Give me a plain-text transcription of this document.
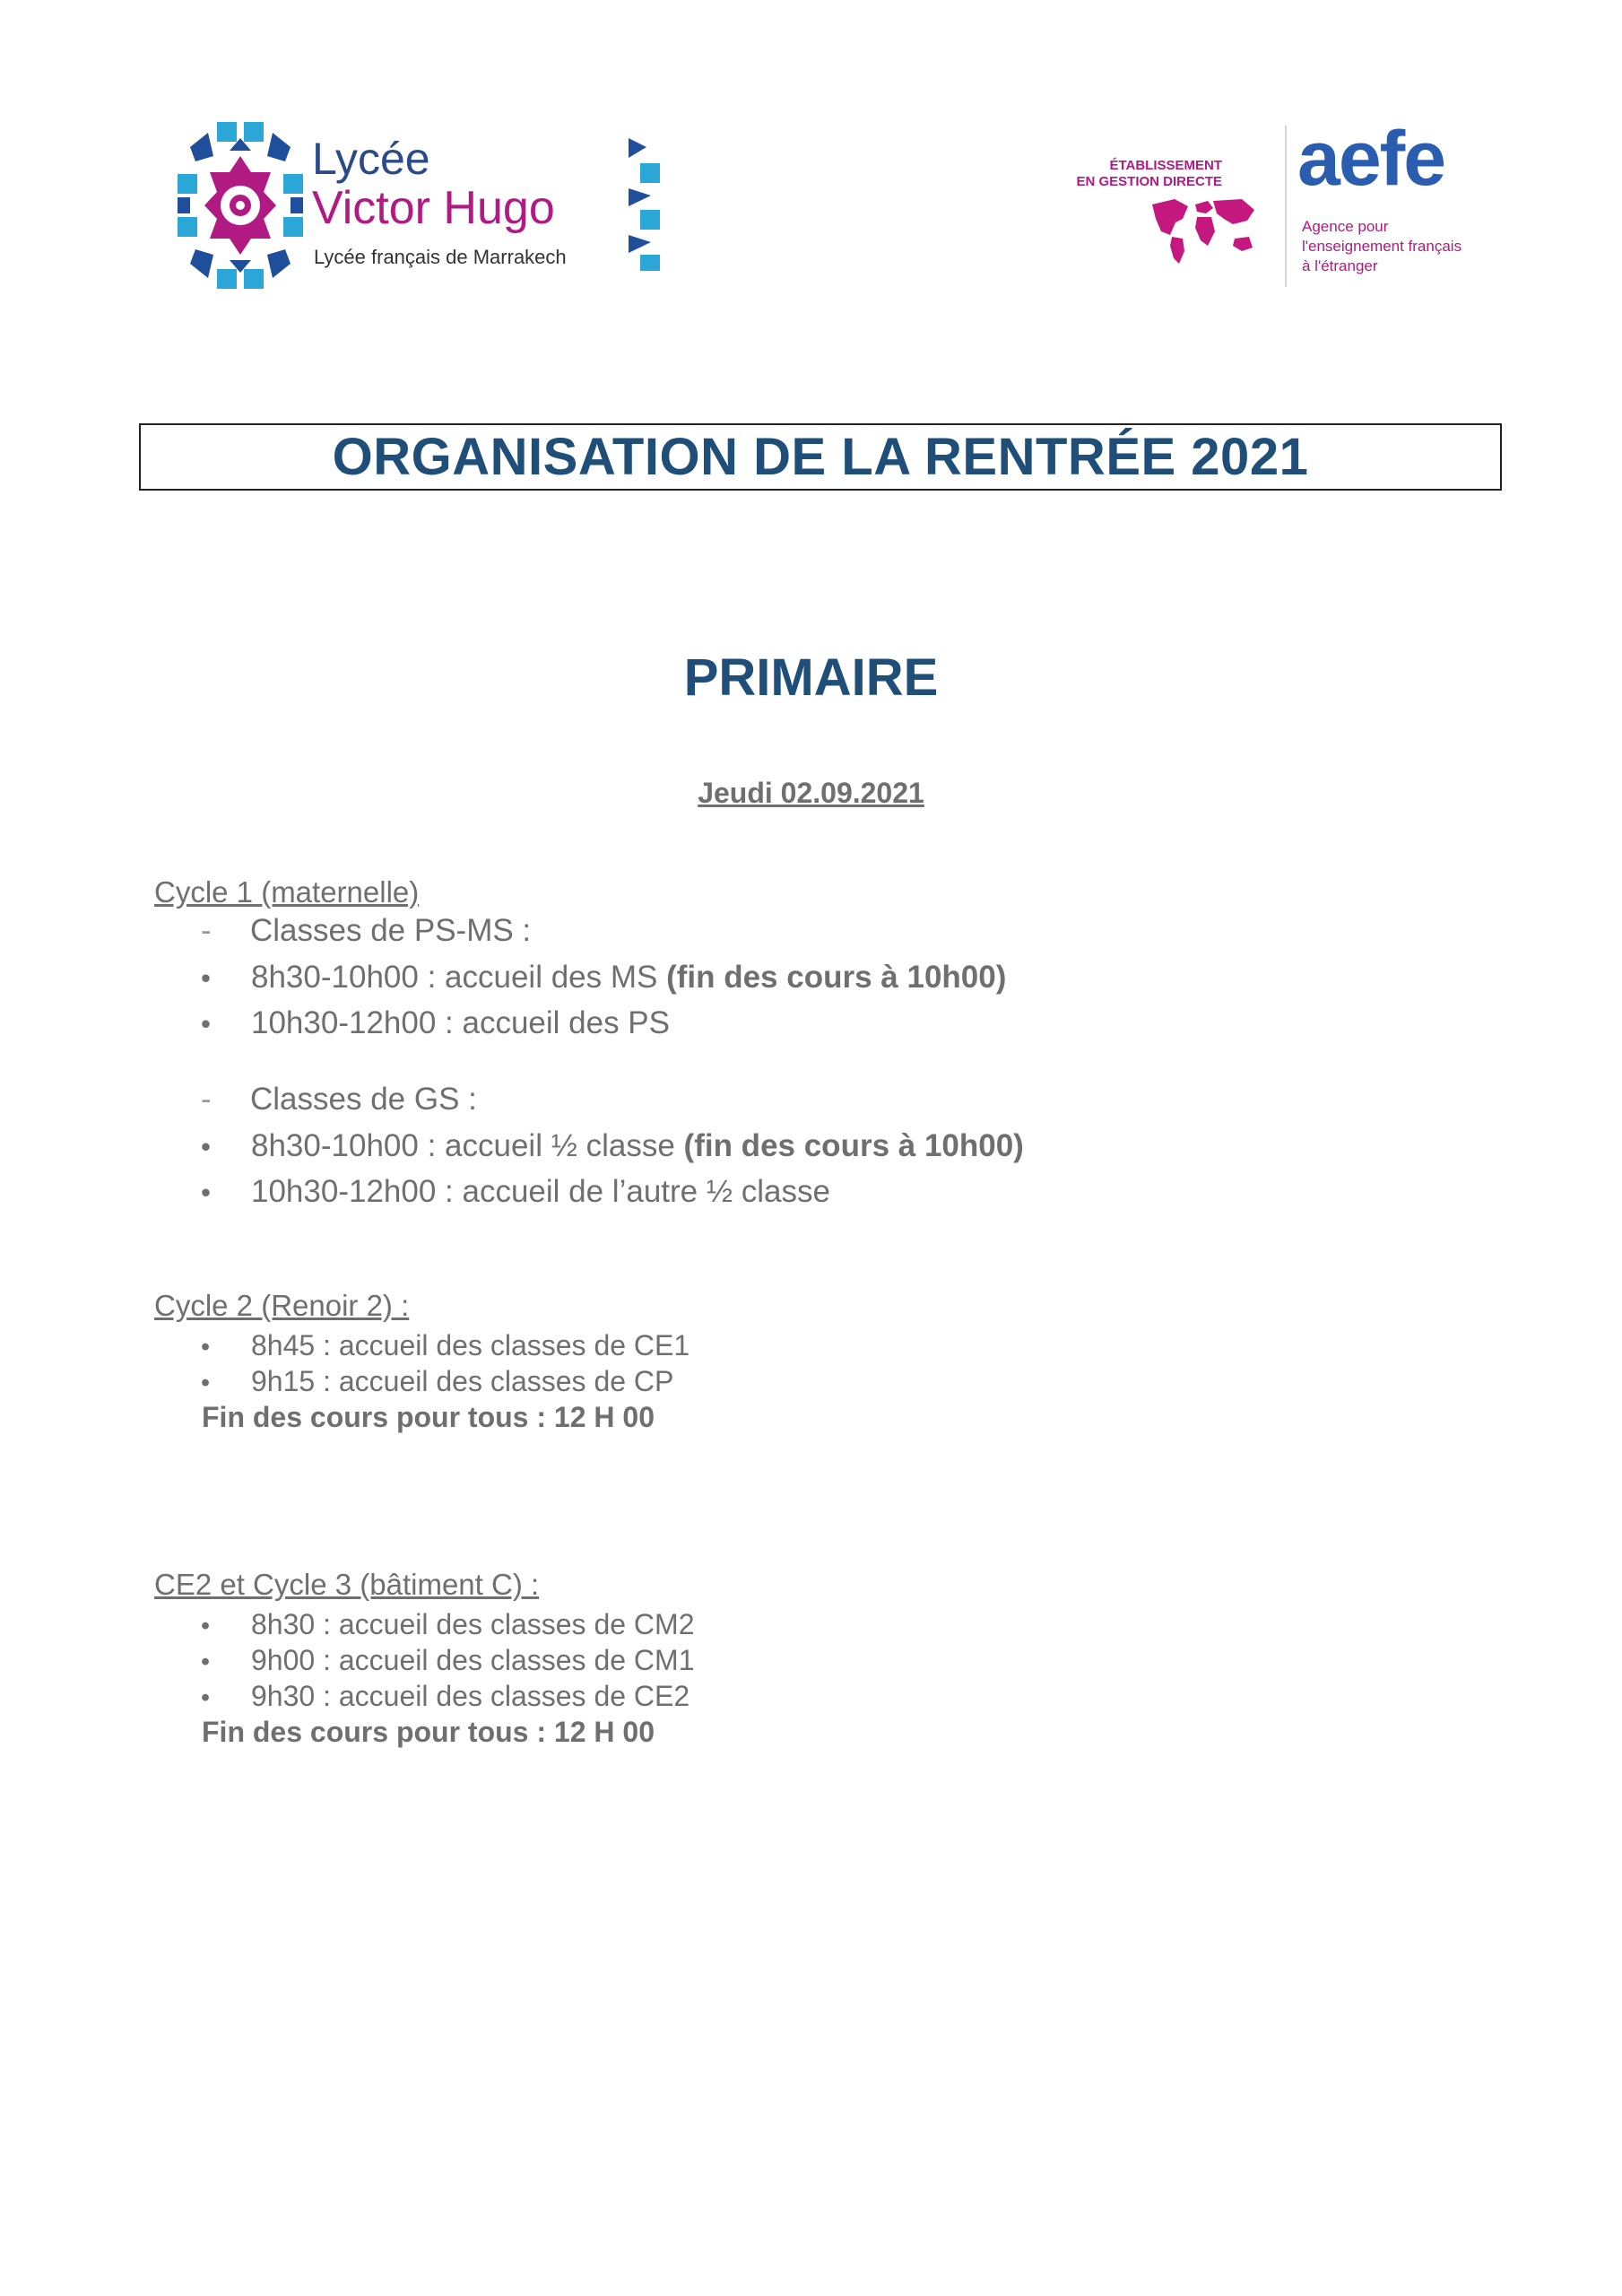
Lycée
Victor Hugo
Lycée français de Marrakech
ÉTABLISSEMENT
EN GESTION DIRECTE aefe
Agence pour
l'enseignement français
à l'étranger
ORGANISATION DE LA RENTRÉE 2021
PRIMAIRE
Jeudi 02.09.2021
Cycle 1 (maternelle)
- Classes de PS-MS :
• 8h30-10h00 : accueil des MS (fin des cours à 10h00)
• 10h30-12h00 : accueil des PS
- Classes de GS :
• 8h30-10h00 : accueil ½ classe (fin des cours à 10h00)
• 10h30-12h00 : accueil de l’autre ½ classe
Cycle 2 (Renoir 2) :
• 8h45 : accueil des classes de CE1
• 9h15 : accueil des classes de CP
Fin des cours pour tous : 12 H 00
CE2 et Cycle 3 (bâtiment C) :
• 8h30 : accueil des classes de CM2
• 9h00 : accueil des classes de CM1
• 9h30 : accueil des classes de CE2
Fin des cours pour tous : 12 H 00
